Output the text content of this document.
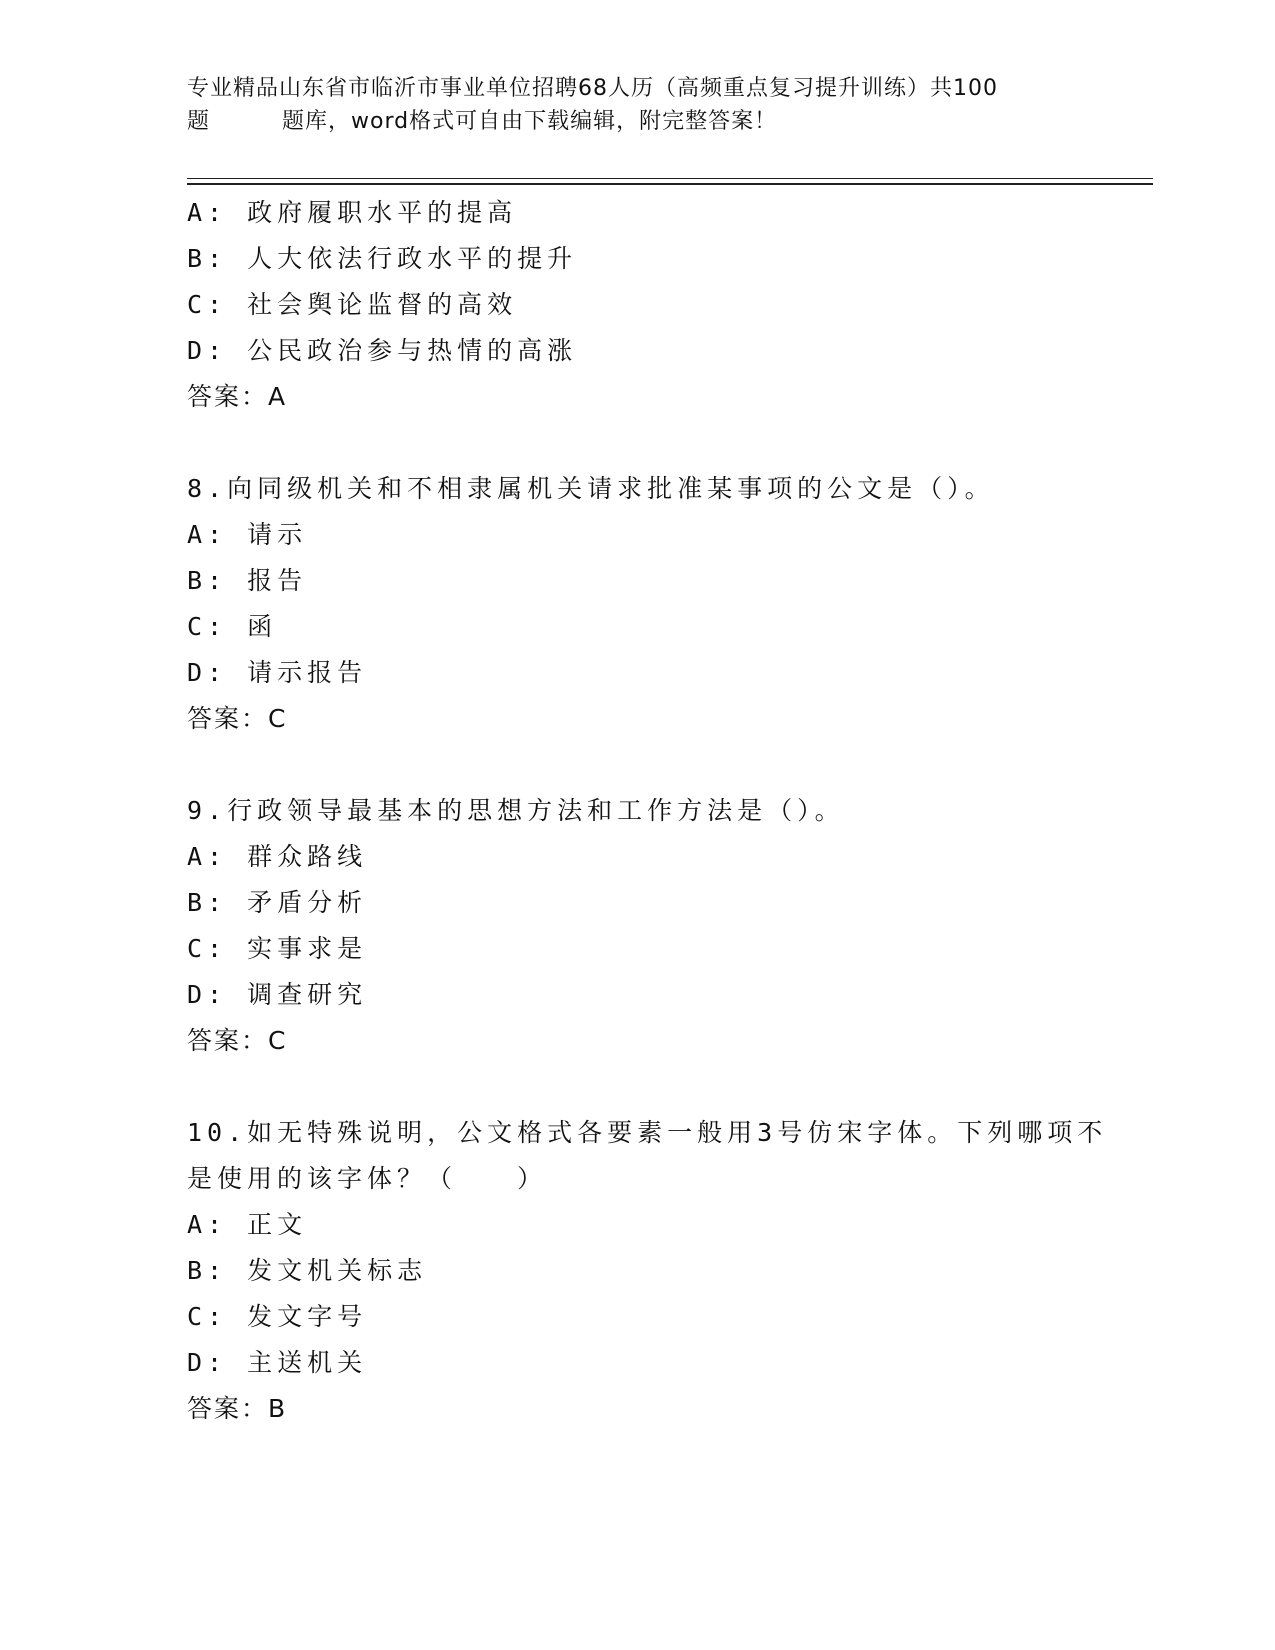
专业精品山东省市临沂市事业单位招聘68人历（高频重点复习提升训练）共100
题	题库，word格式可自由下载编辑，附完整答案！
A: 政府履职水平的提高
B: 人大依法行政水平的提升
C: 社会舆论监督的高效
D: 公民政治参与热情的高涨
答案：A
8.向同级机关和不相隶属机关请求批准某事项的公文是（）。
A: 请示
B: 报告
C: 函
D: 请示报告
答案：C
9.行政领导最基本的思想方法和工作方法是（）。
A: 群众路线
B: 矛盾分析
C: 实事求是
D: 调查研究
答案：C
10.如无特殊说明，公文格式各要素一般用3号仿宋字体。下列哪项不
是使用的该字体？（　　）
A: 正文
B: 发文机关标志
C: 发文字号
D: 主送机关
答案：B
